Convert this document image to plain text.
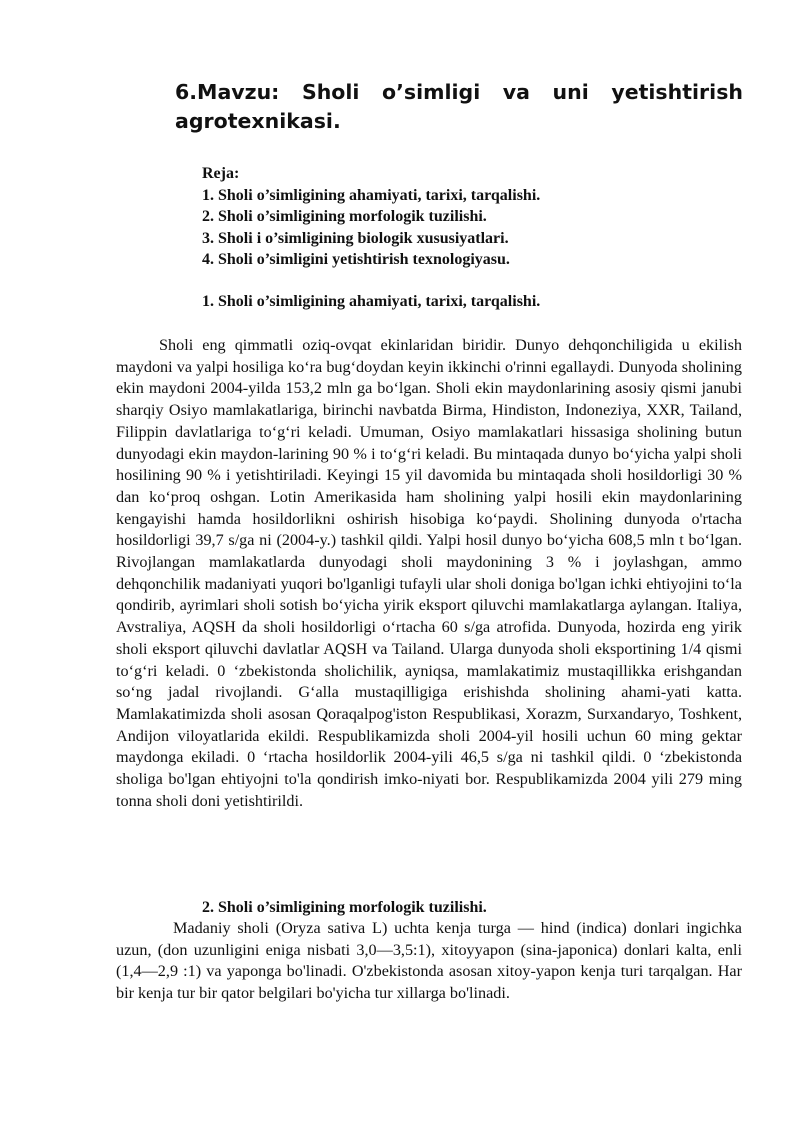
6.Mavzu: Sholi o’simligi va uni yetishtirish agrotexnikasi.
Reja:
1. Sholi o’simligining ahamiyati, tarixi, tarqalishi.
2. Sholi o’simligining morfologik tuzilishi.
3. Sholi i o’simligining biologik xususiyatlari.
4. Sholi o’simligini yetishtirish texnologiyasu.
1. Sholi o’simligining ahamiyati, tarixi, tarqalishi.

Sholi eng qimmatli oziq-ovqat ekinlaridan biridir. Dunyo dehqonchiligida u ekilish maydoni va yalpi hosiliga ko‘ra bug‘doydan keyin ikkinchi o'rinni egallaydi. Dunyoda sholining ekin maydoni 2004-yilda 153,2 mln ga bo‘lgan. Sholi ekin maydonlarining asosiy qismi janubi sharqiy Osiyo mamlakatlariga, birinchi navbatda Birma, Hindiston, Indoneziya, XXR, Tailand, Filippin davlatlariga to‘g‘ri keladi. Umuman, Osiyo mamlakatlari hissasiga sholining butun dunyodagi ekin maydon-larining 90 % i to‘g‘ri keladi. Bu mintaqada dunyo bo‘yicha yalpi sholi hosilining 90 % i yetishtiriladi. Keyingi 15 yil davomida bu mintaqada sholi hosildorligi 30 % dan ko‘proq oshgan. Lotin Amerikasida ham sholining yalpi hosili ekin maydonlarining kengayishi hamda hosildorlikni oshirish hisobiga ko‘paydi. Sholining dunyoda o'rtacha hosildorligi 39,7 s/ga ni (2004-y.) tashkil qildi. Yalpi hosil dunyo bo‘yicha 608,5 mln t bo‘lgan. Rivojlangan mamlakatlarda dunyodagi sholi maydonining 3 % i joylashgan, ammo dehqonchilik madaniyati yuqori bo'lganligi tufayli ular sholi doniga bo'lgan ichki ehtiyojini to‘la qondirib, ayrimlari sholi sotish bo‘yicha yirik eksport qiluvchi mamlakatlarga aylangan. Italiya, Avstraliya, AQSH da sholi hosildorligi o‘rtacha 60 s/ga atrofida. Dunyoda, hozirda eng yirik sholi eksport qiluvchi davlatlar AQSH va Tailand. Ularga dunyoda sholi eksportining 1/4 qismi to‘g‘ri keladi. 0 ‘zbekistonda sholichilik, ayniqsa, mamlakatimiz mustaqillikka erishgandan so‘ng jadal rivojlandi. G‘alla mustaqilligiga erishishda sholining ahami-yati katta. Mamlakatimizda sholi asosan Qoraqalpog'iston Respublikasi, Xorazm, Surxandaryo, Toshkent, Andijon viloyatlarida ekildi. Respublikamizda sholi 2004-yil hosili uchun 60 ming gektar maydonga ekiladi. 0 ‘rtacha hosildorlik 2004-yili 46,5 s/ga ni tashkil qildi. 0 ‘zbekistonda sholiga bo'lgan ehtiyojni to'la qondirish imko-niyati bor. Respublikamizda 2004 yili 279 ming tonna sholi doni yetishtirildi.

2. Sholi o’simligining morfologik tuzilishi.

Madaniy sholi (Oryza sativa L) uchta kenja turga — hind (indica) donlari ingichka uzun, (don uzunligini eniga nisbati 3,0—3,5:1), xitoyyapon (sina-japonica) donlari kalta, enli (1,4—2,9 :1) va yaponga bo'linadi. O'zbekistonda asosan xitoy-yapon kenja turi tarqalgan. Har bir kenja tur bir qator belgilari bo'yicha tur xillarga bo'linadi.
